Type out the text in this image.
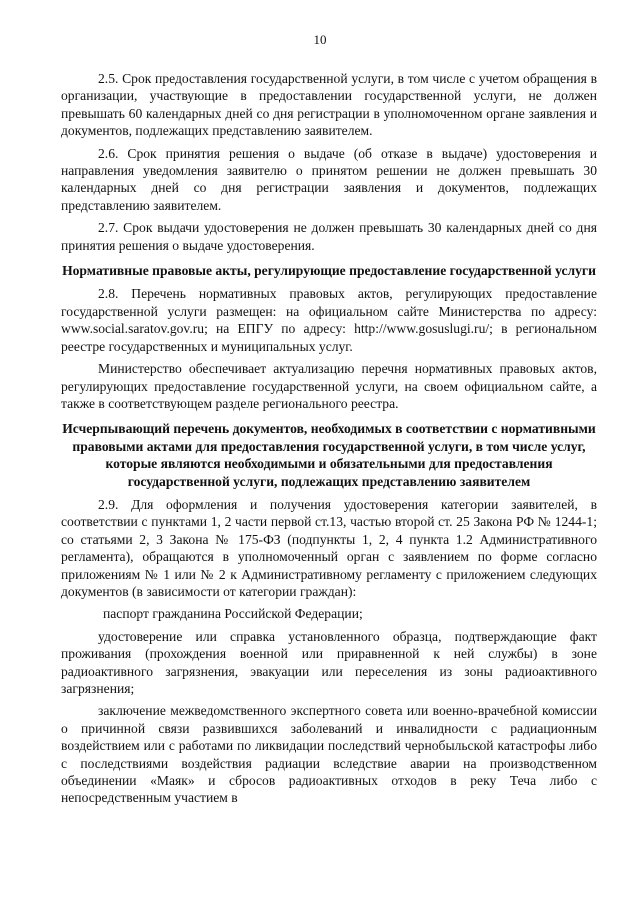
10

2.5. Срок предоставления государственной услуги, в том числе с учетом обращения в организации, участвующие в предоставлении государственной услуги, не должен превышать 60 календарных дней со дня регистрации в уполномоченном органе заявления и документов, подлежащих представлению заявителем.

2.6. Срок принятия решения о выдаче (об отказе в выдаче) удостоверения и направления уведомления заявителю о принятом решении не должен превышать 30 календарных дней со дня регистрации заявления и документов, подлежащих представлению заявителем.

2.7. Срок выдачи удостоверения не должен превышать 30 календарных дней со дня принятия решения о выдаче удостоверения.

Нормативные правовые акты, регулирующие предоставление государственной услуги

2.8. Перечень нормативных правовых актов, регулирующих предоставление государственной услуги размещен: на официальном сайте Министерства по адресу: www.social.saratov.gov.ru; на ЕПГУ по адресу: http://www.gosuslugi.ru/; в региональном реестре государственных и муниципальных услуг.

Министерство обеспечивает актуализацию перечня нормативных правовых актов, регулирующих предоставление государственной услуги, на своем официальном сайте, а также в соответствующем разделе регионального реестра.

Исчерпывающий перечень документов, необходимых в соответствии с нормативными правовыми актами для предоставления государственной услуги, в том числе услуг, которые являются необходимыми и обязательными для предоставления государственной услуги, подлежащих представлению заявителем

2.9. Для оформления и получения удостоверения категории заявителей, в соответствии с пунктами 1, 2 части первой ст.13, частью второй ст. 25 Закона РФ № 1244-1; со статьями 2, 3 Закона № 175-ФЗ (подпункты 1, 2, 4 пункта 1.2 Административного регламента), обращаются в уполномоченный орган с заявлением по форме согласно приложениям № 1 или № 2 к Административному регламенту с приложением следующих документов (в зависимости от категории граждан):

паспорт гражданина Российской Федерации;

удостоверение или справка установленного образца, подтверждающие факт проживания (прохождения военной или приравненной к ней службы) в зоне радиоактивного загрязнения, эвакуации или переселения из зоны радиоактивного загрязнения;

заключение межведомственного экспертного совета или военно-врачебной комиссии о причинной связи развившихся заболеваний и инвалидности с радиационным воздействием или с работами по ликвидации последствий чернобыльской катастрофы либо с последствиями воздействия радиации вследствие аварии на производственном объединении «Маяк» и сбросов радиоактивных отходов в реку Теча либо с непосредственным участием в
